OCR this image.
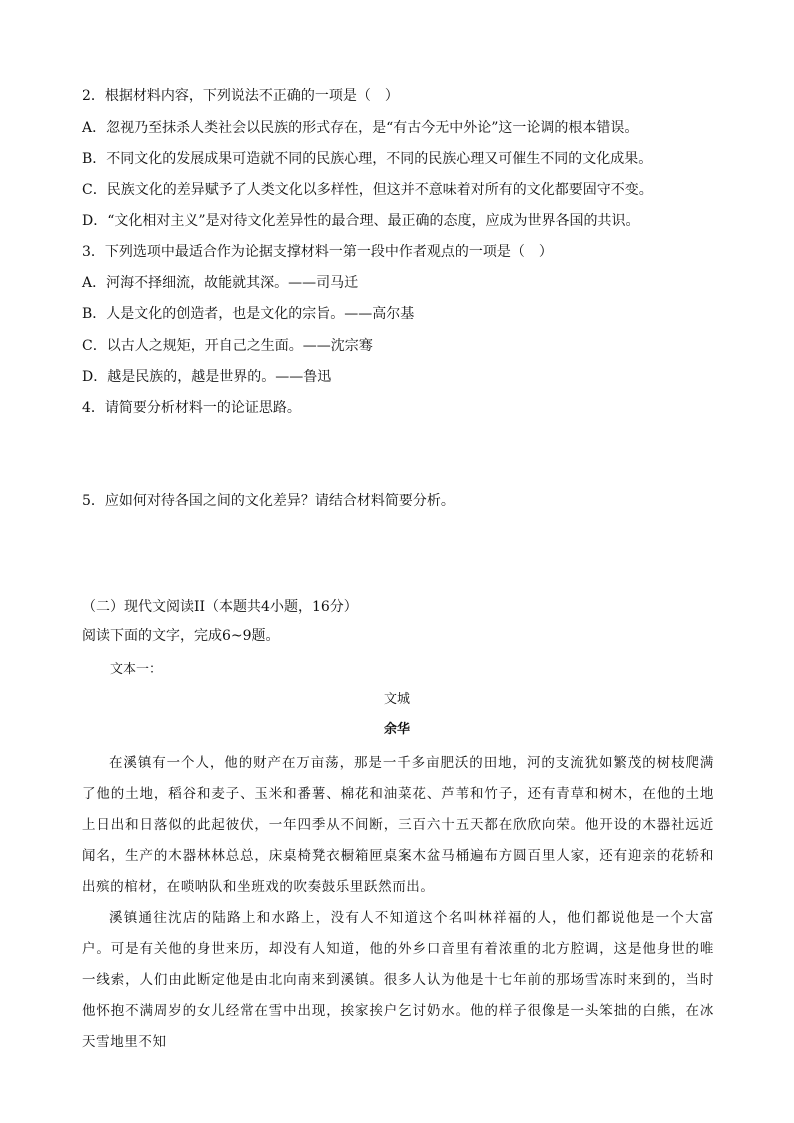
2．根据材料内容，下列说法不正确的一项是（　）
A．忽视乃至抹杀人类社会以民族的形式存在，是“有古今无中外论”这一论调的根本错误。
B．不同文化的发展成果可造就不同的民族心理，不同的民族心理又可催生不同的文化成果。
C．民族文化的差异赋予了人类文化以多样性，但这并不意味着对所有的文化都要固守不变。
D．“文化相对主义”是对待文化差异性的最合理、最正确的态度，应成为世界各国的共识。
3．下列选项中最适合作为论据支撑材料一第一段中作者观点的一项是（　）
A．河海不择细流，故能就其深。——司马迁
B．人是文化的创造者，也是文化的宗旨。——高尔基
C．以古人之规矩，开自己之生面。——沈宗骞
D．越是民族的，越是世界的。——鲁迅
4．请简要分析材料一的论证思路。
5．应如何对待各国之间的文化差异？请结合材料简要分析。
（二）现代文阅读II（本题共4小题，16分）
阅读下面的文字，完成6~9题。
文本一：
文城
余华

在溪镇有一个人，他的财产在万亩荡，那是一千多亩肥沃的田地，河的支流犹如繁茂的树枝爬满了他的土地，稻谷和麦子、玉米和番薯、棉花和油菜花、芦苇和竹子，还有青草和树木，在他的土地上日出和日落似的此起彼伏，一年四季从不间断，三百六十五天都在欣欣向荣。他开设的木器社远近闻名，生产的木器林林总总，床桌椅凳衣橱箱匣桌案木盆马桶遍布方圆百里人家，还有迎亲的花轿和出殡的棺材，在唢呐队和坐班戏的吹奏鼓乐里跃然而出。

溪镇通往沈店的陆路上和水路上，没有人不知道这个名叫林祥福的人，他们都说他是一个大富户。可是有关他的身世来历，却没有人知道，他的外乡口音里有着浓重的北方腔调，这是他身世的唯一线索，人们由此断定他是由北向南来到溪镇。很多人认为他是十七年前的那场雪冻时来到的，当时他怀抱不满周岁的女儿经常在雪中出现，挨家挨户乞讨奶水。他的样子很像是一头笨拙的白熊，在冰天雪地里不知
